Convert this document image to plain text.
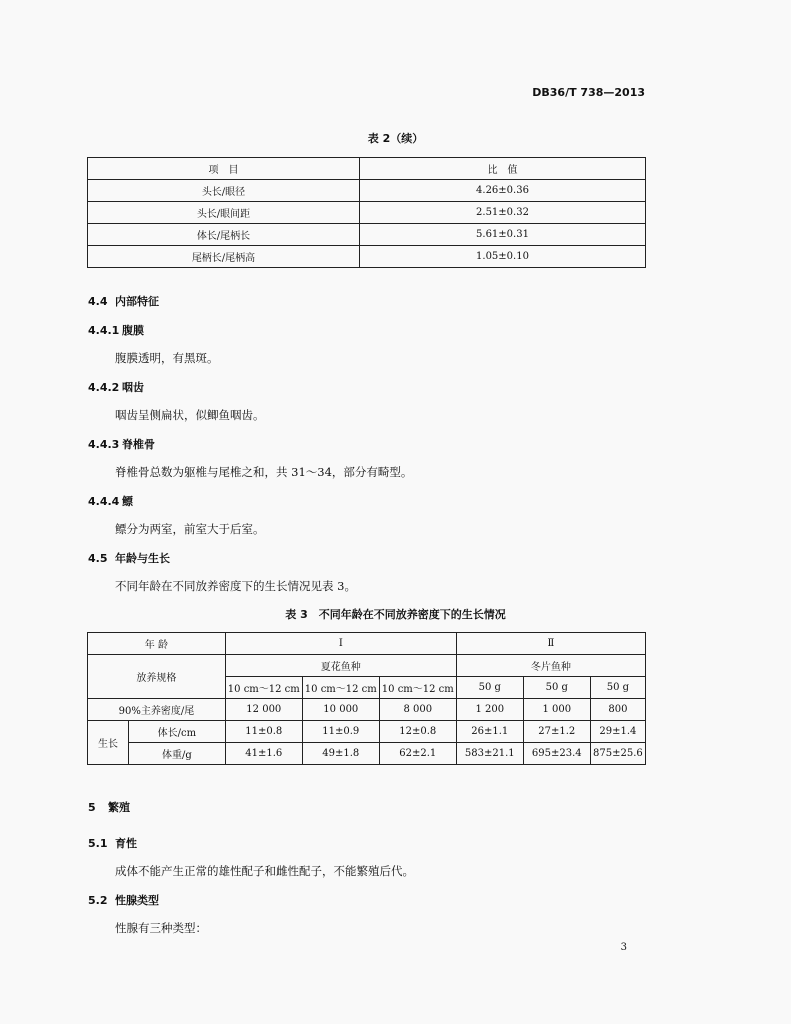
DB36/T 738—2013
表 2（续）
项　目	比　值
头长/眼径	4.26±0.36
头长/眼间距	2.51±0.32
体长/尾柄长	5.61±0.31
尾柄长/尾柄高	1.05±0.10
4.4 内部特征
4.4.1 腹膜
腹膜透明，有黑斑。
4.4.2 咽齿
咽齿呈侧扁状，似鲫鱼咽齿。
4.4.3 脊椎骨
脊椎骨总数为躯椎与尾椎之和，共 31～34，部分有畸型。
4.4.4 鳔
鳔分为两室，前室大于后室。
4.5 年龄与生长
不同年龄在不同放养密度下的生长情况见表 3。
表 3　不同年龄在不同放养密度下的生长情况
年 龄		Ⅰ			Ⅱ		
放养规格		夏花鱼种			冬片鱼种		
		10 cm～12 cm	10 cm～12 cm	10 cm～12 cm	50 g	50 g	50 g
90%主养密度/尾		12 000	10 000	8 000	1 200	1 000	800
生长	体长/cm	11±0.8	11±0.9	12±0.8	26±1.1	27±1.2	29±1.4
	体重/g	41±1.6	49±1.8	62±2.1	583±21.1	695±23.4	875±25.6
5 繁殖
5.1 育性
成体不能产生正常的雄性配子和雌性配子，不能繁殖后代。
5.2 性腺类型
性腺有三种类型：
3
